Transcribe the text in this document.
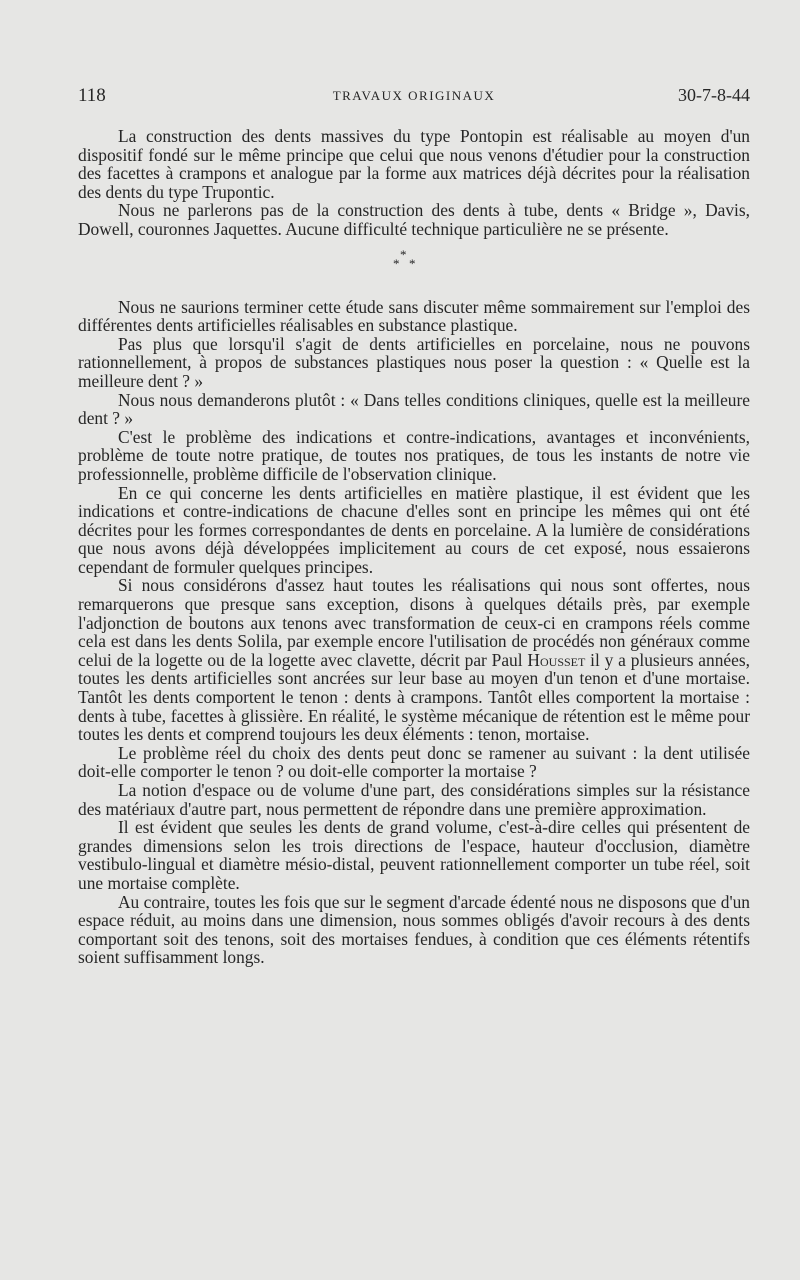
118	TRAVAUX ORIGINAUX	30-7-8-44

La construction des dents massives du type Pontopin est réalisable au moyen d'un dispositif fondé sur le même principe que celui que nous venons d'étudier pour la construction des facettes à crampons et analogue par la forme aux matrices déjà décrites pour la réalisation des dents du type Trupontic.

Nous ne parlerons pas de la construction des dents à tube, dents « Bridge », Davis, Dowell, couronnes Jaquettes. Aucune difficulté technique particulière ne se présente.

*
* *

Nous ne saurions terminer cette étude sans discuter même sommairement sur l'emploi des différentes dents artificielles réalisables en substance plastique.

Pas plus que lorsqu'il s'agit de dents artificielles en porcelaine, nous ne pouvons rationnellement, à propos de substances plastiques nous poser la question : « Quelle est la meilleure dent ? »

Nous nous demanderons plutôt : « Dans telles conditions cliniques, quelle est la meilleure dent ? »

C'est le problème des indications et contre-indications, avantages et inconvénients, problème de toute notre pratique, de toutes nos pratiques, de tous les instants de notre vie professionnelle, problème difficile de l'observation clinique.

En ce qui concerne les dents artificielles en matière plastique, il est évident que les indications et contre-indications de chacune d'elles sont en principe les mêmes qui ont été décrites pour les formes correspondantes de dents en porcelaine. A la lumière de considérations que nous avons déjà développées implicitement au cours de cet exposé, nous essaierons cependant de formuler quelques principes.

Si nous considérons d'assez haut toutes les réalisations qui nous sont offertes, nous remarquerons que presque sans exception, disons à quelques détails près, par exemple l'adjonction de boutons aux tenons avec transformation de ceux-ci en crampons réels comme cela est dans les dents Solila, par exemple encore l'utilisation de procédés non généraux comme celui de la logette ou de la logette avec clavette, décrit par Paul Housset il y a plusieurs années, toutes les dents artificielles sont ancrées sur leur base au moyen d'un tenon et d'une mortaise. Tantôt les dents comportent le tenon : dents à crampons. Tantôt elles comportent la mortaise : dents à tube, facettes à glissière. En réalité, le système mécanique de rétention est le même pour toutes les dents et comprend toujours les deux éléments : tenon, mortaise.

Le problème réel du choix des dents peut donc se ramener au suivant : la dent utilisée doit-elle comporter le tenon ? ou doit-elle comporter la mortaise ?

La notion d'espace ou de volume d'une part, des considérations simples sur la résistance des matériaux d'autre part, nous permettent de répondre dans une première approximation.

Il est évident que seules les dents de grand volume, c'est-à-dire celles qui présentent de grandes dimensions selon les trois directions de l'espace, hauteur d'occlusion, diamètre vestibulo-lingual et diamètre mésio-distal, peuvent rationnellement comporter un tube réel, soit une mortaise complète.

Au contraire, toutes les fois que sur le segment d'arcade édenté nous ne disposons que d'un espace réduit, au moins dans une dimension, nous sommes obligés d'avoir recours à des dents comportant soit des tenons, soit des mortaises fendues, à condition que ces éléments rétentifs soient suffisamment longs.
